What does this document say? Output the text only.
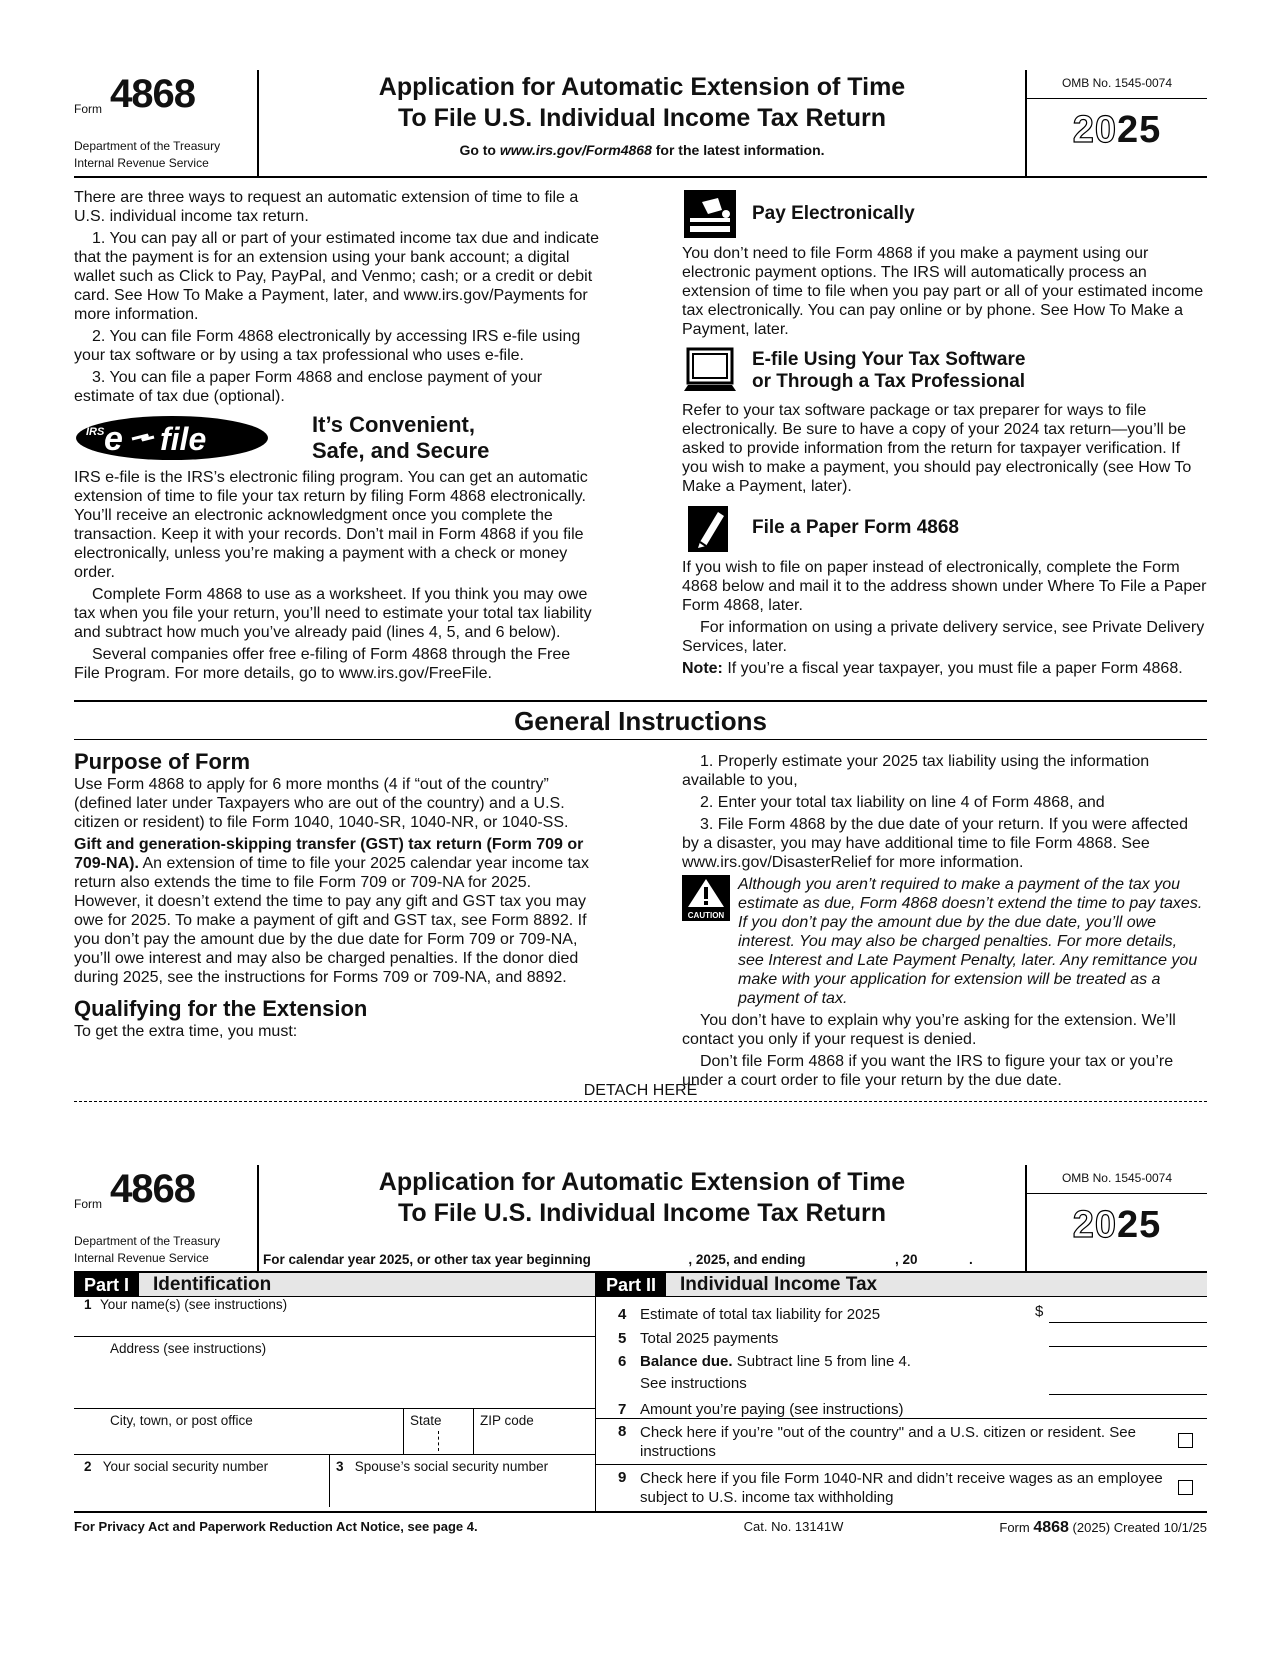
Form 4868
Department of the Treasury
Internal Revenue Service
Application for Automatic Extension of Time
To File U.S. Individual Income Tax Return
Go to www.irs.gov/Form4868 for the latest information.
OMB No. 1545-0074
2025

There are three ways to request an automatic extension of time to file a U.S. individual income tax return.

1. You can pay all or part of your estimated income tax due and indicate that the payment is for an extension using your bank account; a digital wallet such as Click to Pay, PayPal, and Venmo; cash; or a credit or debit card. See How To Make a Payment, later, and www.irs.gov/Payments for more information.

2. You can file Form 4868 electronically by accessing IRS e-file using your tax software or by using a tax professional who uses e-file.

3. You can file a paper Form 4868 and enclose payment of your estimate of tax due (optional).

IRS e file	It’s Convenient,
Safe, and Secure

IRS e-file is the IRS’s electronic filing program. You can get an automatic extension of time to file your tax return by filing Form 4868 electronically. You’ll receive an electronic acknowledgment once you complete the transaction. Keep it with your records. Don’t mail in Form 4868 if you file electronically, unless you’re making a payment with a check or money order.

Complete Form 4868 to use as a worksheet. If you think you may owe tax when you file your return, you’ll need to estimate your total tax liability and subtract how much you’ve already paid (lines 4, 5, and 6 below).

Several companies offer free e-filing of Form 4868 through the Free File Program. For more details, go to www.irs.gov/FreeFile.

Pay Electronically

You don’t need to file Form 4868 if you make a payment using our electronic payment options. The IRS will automatically process an extension of time to file when you pay part or all of your estimated income tax electronically. You can pay online or by phone. See How To Make a Payment, later.

E-file Using Your Tax Software
or Through a Tax Professional

Refer to your tax software package or tax preparer for ways to file electronically. Be sure to have a copy of your 2024 tax return—you’ll be asked to provide information from the return for taxpayer verification. If you wish to make a payment, you should pay electronically (see How To Make a Payment, later).

File a Paper Form 4868

If you wish to file on paper instead of electronically, complete the Form 4868 below and mail it to the address shown under Where To File a Paper Form 4868, later.

For information on using a private delivery service, see Private Delivery Services, later.

Note: If you’re a fiscal year taxpayer, you must file a paper Form 4868.

General Instructions
Purpose of Form

Use Form 4868 to apply for 6 more months (4 if “out of the country” (defined later under Taxpayers who are out of the country) and a U.S. citizen or resident) to file Form 1040, 1040-SR, 1040-NR, or 1040-SS.

Gift and generation-skipping transfer (GST) tax return (Form 709 or 709-NA). An extension of time to file your 2025 calendar year income tax return also extends the time to file Form 709 or 709-NA for 2025. However, it doesn’t extend the time to pay any gift and GST tax you may owe for 2025. To make a payment of gift and GST tax, see Form 8892. If you don’t pay the amount due by the due date for Form 709 or 709-NA, you’ll owe interest and may also be charged penalties. If the donor died during 2025, see the instructions for Forms 709 or 709-NA, and 8892.

Qualifying for the Extension

To get the extra time, you must:

1. Properly estimate your 2025 tax liability using the information available to you,

2. Enter your total tax liability on line 4 of Form 4868, and

3. File Form 4868 by the due date of your return. If you were affected by a disaster, you may have additional time to file Form 4868. See www.irs.gov/DisasterRelief for more information.

CAUTION

Although you aren’t required to make a payment of the tax you estimate as due, Form 4868 doesn’t extend the time to pay taxes. If you don’t pay the amount due by the due date, you’ll owe interest. You may also be charged penalties. For more details, see Interest and Late Payment Penalty, later. Any remittance you make with your application for extension will be treated as a payment of tax.

You don’t have to explain why you’re asking for the extension. We’ll contact you only if your request is denied.

Don’t file Form 4868 if you want the IRS to figure your tax or you’re under a court order to file your return by the due date.

DETACH HERE
Form 4868
Department of the Treasury
Internal Revenue Service
Application for Automatic Extension of Time
To File U.S. Individual Income Tax Return
For calendar year 2025, or other tax year beginning	, 2025, and ending	, 20	.
OMB No. 1545-0074
2025
Part I	Identification
1 Your name(s) (see instructions)
Address (see instructions)
City, town, or post office	State	ZIP code
2 Your social security number	3 Spouse’s social security number
Part II	Individual Income Tax
4 Estimate of total tax liability for 2025	$
5 Total 2025 payments
6 Balance due. Subtract line 5 from line 4.
See instructions
7 Amount you’re paying (see instructions)
8 Check here if you’re "out of the country" and a U.S. citizen or resident. See instructions
9 Check here if you file Form 1040-NR and didn’t receive wages as an employee subject to U.S. income tax withholding
For Privacy Act and Paperwork Reduction Act Notice, see page 4.	Cat. No. 13141W	Form 4868 (2025) Created 10/1/25
